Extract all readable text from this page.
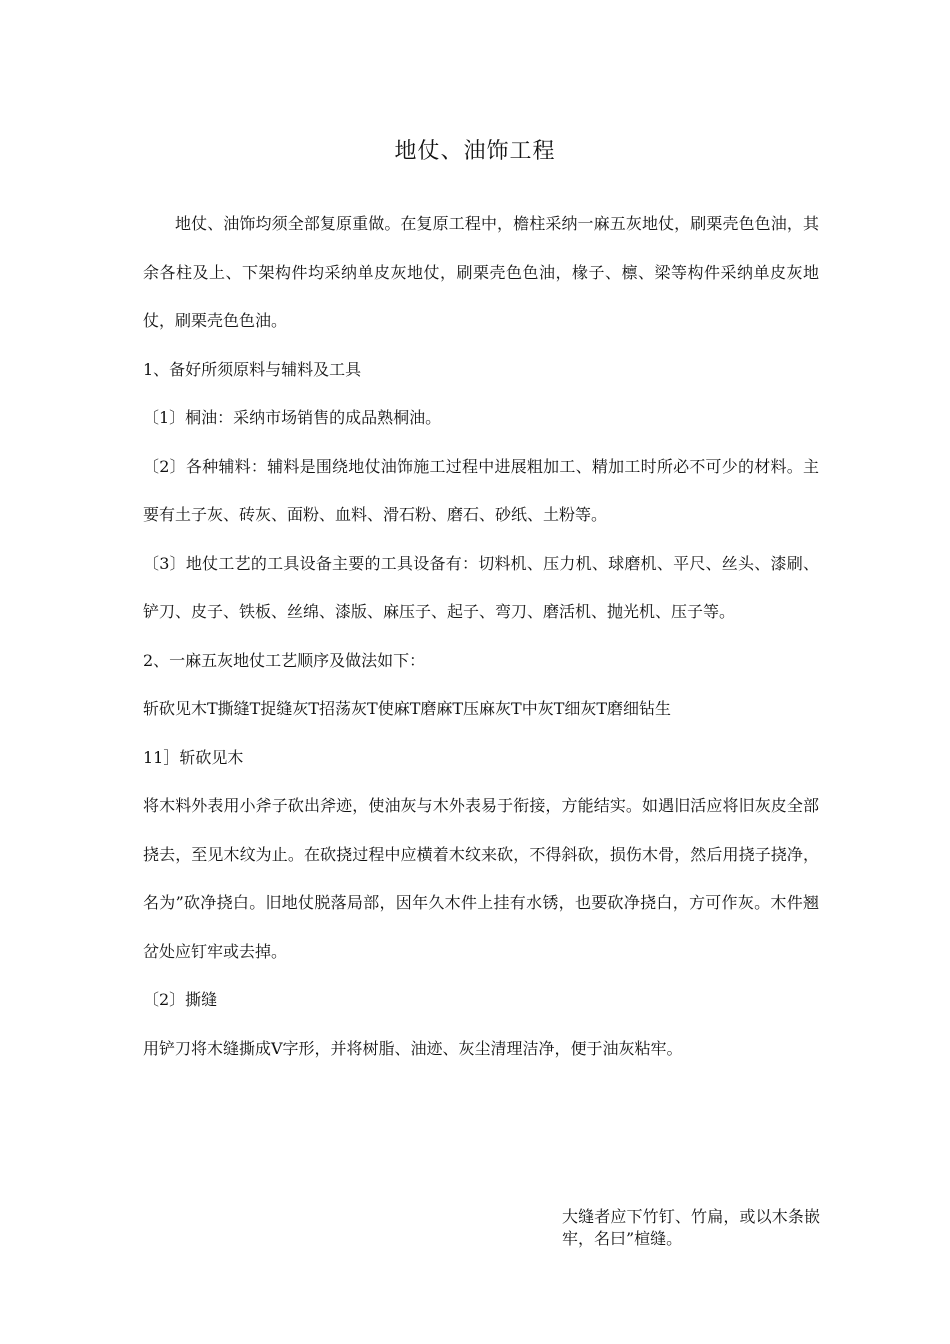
地仗、油饰工程

地仗、油饰均须全部复原重做。在复原工程中，檐柱采纳一麻五灰地仗，刷栗壳色色油，其余各柱及上、下架构件均采纳单皮灰地仗，刷栗壳色色油，椽子、檩、梁等构件采纳单皮灰地仗，刷栗壳色色油。

1、备好所须原料与辅料及工具

〔1〕桐油：采纳市场销售的成品熟桐油。

〔2〕各种辅料：辅料是围绕地仗油饰施工过程中进展粗加工、精加工时所必不可少的材料。主要有土子灰、砖灰、面粉、血料、滑石粉、磨石、砂纸、土粉等。

〔3〕地仗工艺的工具设备主要的工具设备有：切料机、压力机、球磨机、平尺、丝头、漆刷、铲刀、皮子、铁板、丝绵、漆版、麻压子、起子、弯刀、磨活机、抛光机、压子等。

2、一麻五灰地仗工艺顺序及做法如下：

斩砍见木T撕缝T捉缝灰T招荡灰T使麻T磨麻T压麻灰T中灰T细灰T磨细钻生

11］斩砍见木

将木料外表用小斧子砍出斧迹，使油灰与木外表易于衔接，方能结实。如遇旧活应将旧灰皮全部挠去，至见木纹为止。在砍挠过程中应横着木纹来砍，不得斜砍，损伤木骨，然后用挠子挠净，名为”砍净挠白。旧地仗脱落局部，因年久木件上挂有水锈，也要砍净挠白，方可作灰。木件翘岔处应钉牢或去掉。

〔2〕撕缝

用铲刀将木缝撕成V字形，并将树脂、油迹、灰尘清理洁净，便于油灰粘牢。

大缝者应下竹钉、竹扁，或以木条嵌牢，名曰”楦缝。
